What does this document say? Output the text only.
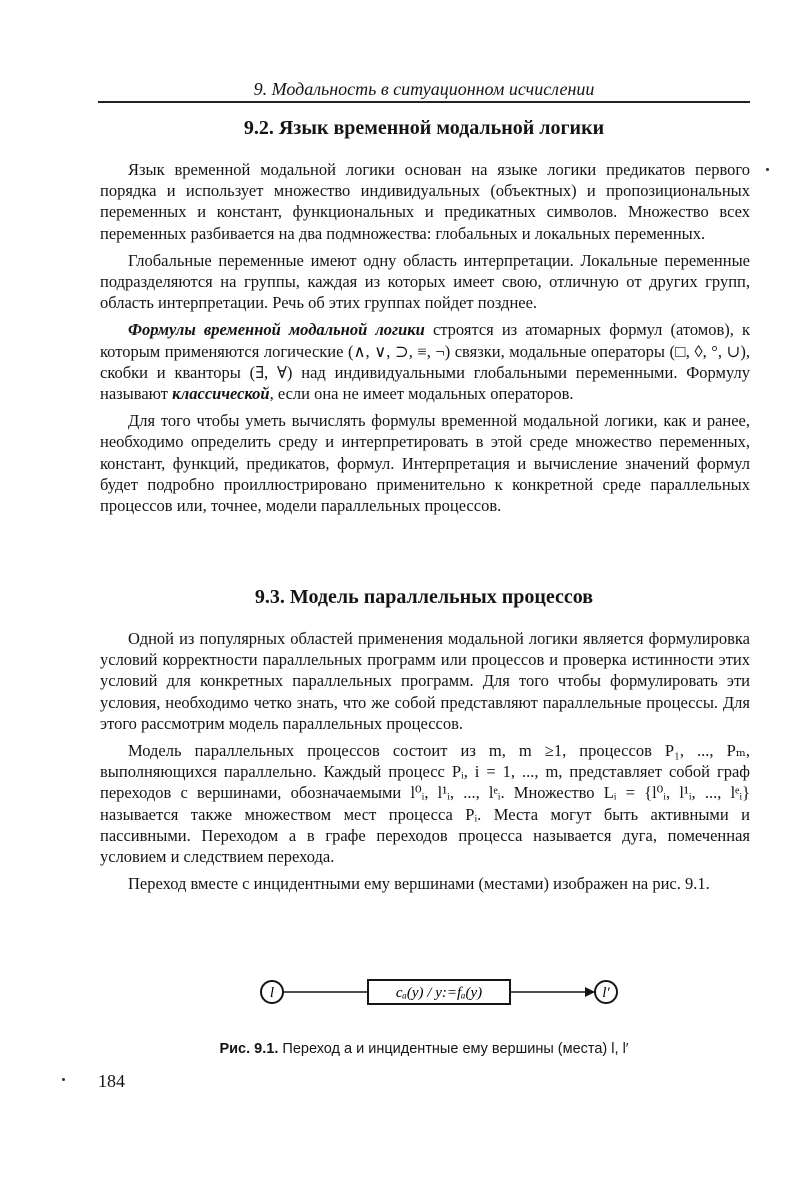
9. Модальность в ситуационном исчислении
9.2. Язык временной модальной логики

Язык временной модальной логики основан на языке логики предикатов первого порядка и использует множество индивидуальных (объектных) и пропозициональных переменных и констант, функциональных и предикатных символов. Множество всех переменных разбивается на два подмножества: глобальных и локальных переменных.

Глобальные переменные имеют одну область интерпретации. Локальные переменные подразделяются на группы, каждая из которых имеет свою, отличную от других групп, область интерпретации. Речь об этих группах пойдет позднее.

Формулы временной модальной логики строятся из атомарных формул (атомов), к которым применяются логические (∧, ∨, ⊃, ≡, ¬) связки, модальные операторы (□, ◊, °, ∪), скобки и кванторы (∃, ∀) над индивидуальными глобальными переменными. Формулу называют классической, если она не имеет модальных операторов.

Для того чтобы уметь вычислять формулы временной модальной логики, как и ранее, необходимо определить среду и интерпретировать в этой среде множество переменных, констант, функций, предикатов, формул. Интерпретация и вычисление значений формул будет подробно проиллюстрировано применительно к конкретной среде параллельных процессов или, точнее, модели параллельных процессов.

9.3. Модель параллельных процессов

Одной из популярных областей применения модальной логики является формулировка условий корректности параллельных программ или процессов и проверка истинности этих условий для конкретных параллельных программ. Для того чтобы формулировать эти условия, необходимо четко знать, что же собой представляют параллельные процессы. Для этого рассмотрим модель параллельных процессов.

Модель параллельных процессов состоит из m, m ≥1, процессов P₁, ..., Pₘ, выполняющихся параллельно. Каждый процесс Pᵢ, i = 1, ..., m, представляет собой граф переходов с вершинами, обозначаемыми l⁰ᵢ, l¹ᵢ, ..., lᵉᵢ. Множество Lᵢ = {l⁰ᵢ, l¹ᵢ, ..., lᵉᵢ} называется также множеством мест процесса Pᵢ. Места могут быть активными и пассивными. Переходом a в графе переходов процесса называется дуга, помеченная условием и следствием перехода.

Переход вместе с инцидентными ему вершинами (местами) изображен на рис. 9.1.

l	cₐ(y) / y:=fₐ(y)	l′
Рис. 9.1. Переход a и инцидентные ему вершины (места) l, l′
184
